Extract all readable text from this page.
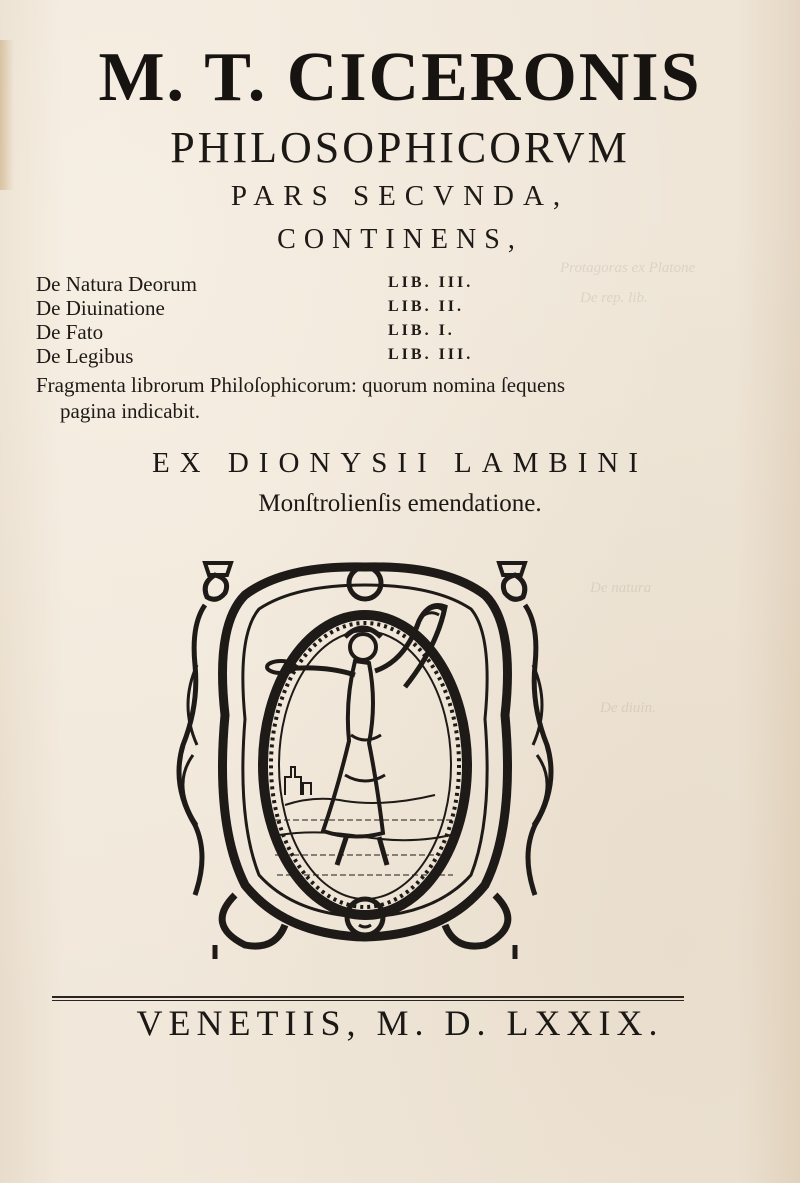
Protagoras ex Platone
De rep. lib.
De natura
De diuin.
M. T. CICERONIS
PHILOSOPHICORVM
PARS SECVNDA,
CONTINENS,
De Natura Deorum	LIB. III.
De Diuinatione	LIB. II.
De Fato	LIB. I.
De Legibus	LIB. III.
Fragmenta librorum Philoſophicorum: quorum nomina ſequens
pagina indicabit.
EX DIONYSII LAMBINI
Monſtrolienſis emendatione.
VENETIIS, M. D. LXXIX.
